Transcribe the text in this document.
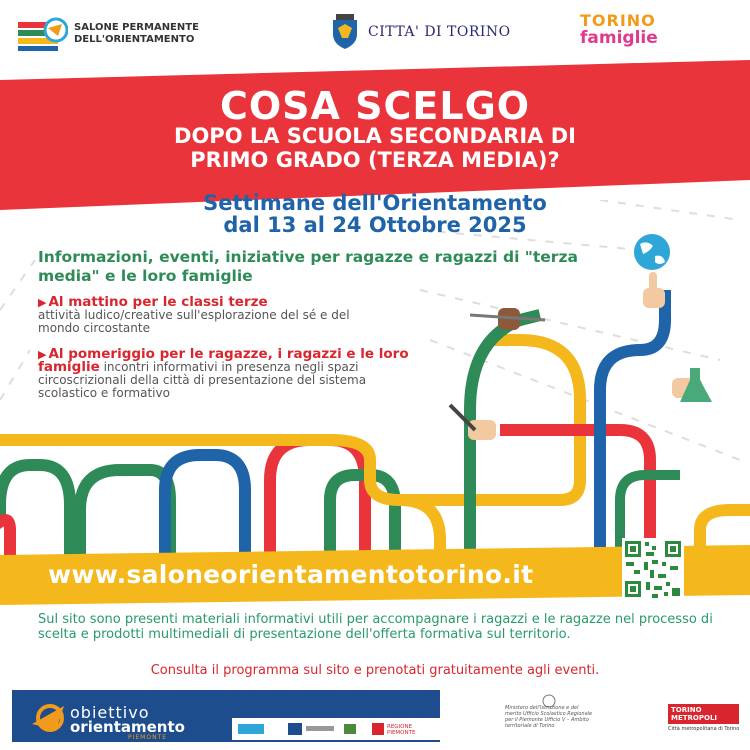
SALONE PERMANENTE DELL'ORIENTAMENTO	CITTA' DI TORINO
TORINO
famiglie
COSA SCELGO
DOPO LA SCUOLA SECONDARIA DI
PRIMO GRADO (TERZA MEDIA)?
Settimane dell'Orientamento
dal 13 al 24 Ottobre 2025
Informazioni, eventi, iniziative per ragazze e ragazzi di "terza media" e le loro famiglie
▶ Al mattino per le classi terze
attività ludico/creative sull'esplorazione del sé e del mondo circostante
▶ Al pomeriggio per le ragazze, i ragazzi e le loro famiglie incontri informativi in presenza negli spazi circoscrizionali della città di presentazione del sistema scolastico e formativo
www.saloneorientamentotorino.it
Sul sito sono presenti materiali informativi utili per accompagnare i ragazzi e le ragazze nel processo di scelta e prodotti multimediali di presentazione dell'offerta formativa sul territorio.
Consulta il programma sul sito e prenotati gratuitamente agli eventi.
obiettivo
orientamento
PIEMONTE
REGIONE PIEMONTE
Ministero dell'Istruzione e del merito Ufficio Scolastico Regionale per il Piemonte Ufficio V – Ambito territoriale di Torino
TORINO
METROPOLI
Città metropolitana di Torino
